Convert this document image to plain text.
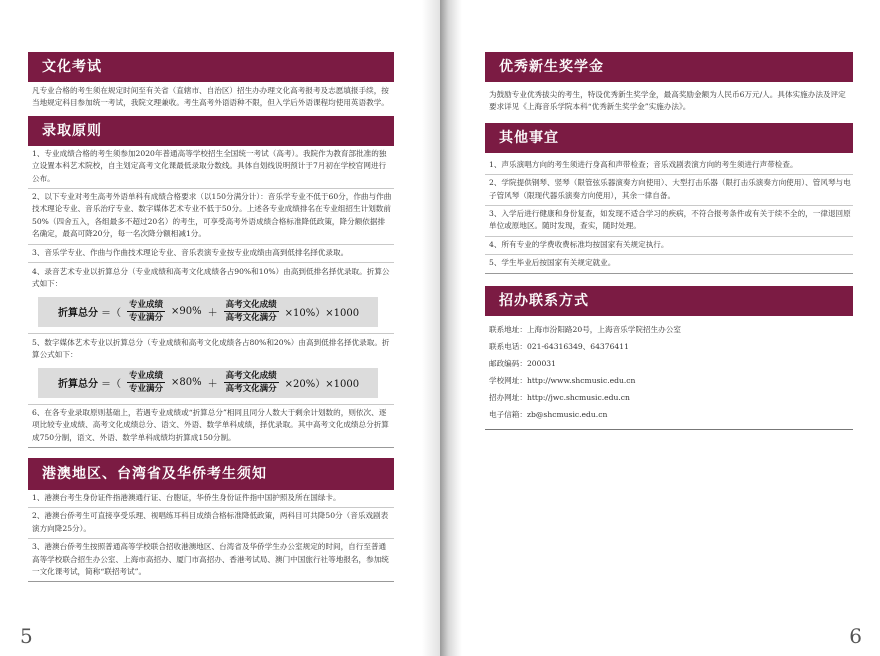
文化考试
凡专业合格的考生须在规定时间至有关省（直辖市、自治区）招生办办理文化高考报考及志愿填报手续，按当地规定科目参加统一考试，我院文理兼收。考生高考外语语种不限，但入学后外语课程均使用英语教学。
录取原则
1、专业成绩合格的考生须参加2020年普通高等学校招生全国统一考试（高考）。我院作为教育部批准的独立设置本科艺术院校，自主划定高考文化课最低录取分数线。具体自划线说明预计于7月初在学校官网进行公布。
2、以下专业对考生高考外语单科有成绩合格要求（以150分满分计）：音乐学专业不低于60分，作曲与作曲技术理论专业、音乐治疗专业、数字媒体艺术专业不低于50分。上述各专业成绩排名在专业组招生计划数前50%（四舍五入，各组最多不超过20名）的考生，可享受高考外语成绩合格标准降低政策，降分额依据排名确定，最高可降20分，每一名次降分额相减1分。
3、音乐学专业、作曲与作曲技术理论专业、音乐表演专业按专业成绩由高到低排名择优录取。
4、录音艺术专业以折算总分（专业成绩和高考文化成绩各占90%和10%）由高到低排名择优录取。折算公式如下：
折算总分 ＝（ $\frac{\text{专业成绩}}{\text{专业满分}} \times 90\% + \frac{\text{高考文化成绩}}{\text{高考文化满分}} \times 10\%)\times 1000$
5、数字媒体艺术专业以折算总分（专业成绩和高考文化成绩各占80%和20%）由高到低排名择优录取。折算公式如下：
折算总分 ＝（ $\frac{\text{专业成绩}}{\text{专业满分}} \times 80\% + \frac{\text{高考文化成绩}}{\text{高考文化满分}} \times 20\%)\times 1000$
6、在各专业录取原则基础上，若遇专业成绩或“折算总分”相同且同分人数大于剩余计划数的，则依次、逐项比较专业成绩、高考文化成绩总分、语文、外语、数学单科成绩，择优录取。其中高考文化成绩总分折算成750分制，语文、外语、数学单科成绩均折算成150分制。
港澳地区、台湾省及华侨考生须知
1、港澳台考生身份证件指港澳通行证、台胞证，华侨生身份证件指中国护照及所在国绿卡。
2、港澳台侨考生可直接享受乐理、视唱练耳科目成绩合格标准降低政策，两科目可共降50分（音乐戏剧表演方向降25分）。
3、港澳台侨考生按照普通高等学校联合招收港澳地区、台湾省及华侨学生办公室规定的时间，自行至普通高等学校联合招生办公室、上海市高招办、厦门市高招办、香港考试局、澳门中国旅行社等地报名，参加统一文化课考试，简称“联招考试”。
5
优秀新生奖学金
为鼓励专业优秀拔尖的考生，特设优秀新生奖学金，最高奖励金额为人民币6万元/人。具体实施办法及评定要求详见《上海音乐学院本科“优秀新生奖学金”实施办法》。
其他事宜
1、声乐演唱方向的考生须进行身高和声带检查；音乐戏剧表演方向的考生须进行声带检查。
2、学院提供钢琴、竖琴（限管弦乐器演奏方向使用）、大型打击乐器（限打击乐演奏方向使用）、管风琴与电子管风琴（限现代器乐演奏方向使用），其余一律自备。
3、入学后进行健康和身份复查，如发现不适合学习的疾病，不符合报考条件或有关于续不全的，一律退回原单位或原地区。随时发现，查实，随时处理。
4、所有专业的学费收费标准均按国家有关规定执行。
5、学生毕业后按国家有关规定就业。
招办联系方式
联系地址：上海市汾阳路20号，上海音乐学院招生办公室
联系电话：021-64316349、64376411
邮政编码：200031
学校网址：http://www.shcmusic.edu.cn
招办网址：http://jwc.shcmusic.edu.cn
电子信箱：zb@shcmusic.edu.cn
6
